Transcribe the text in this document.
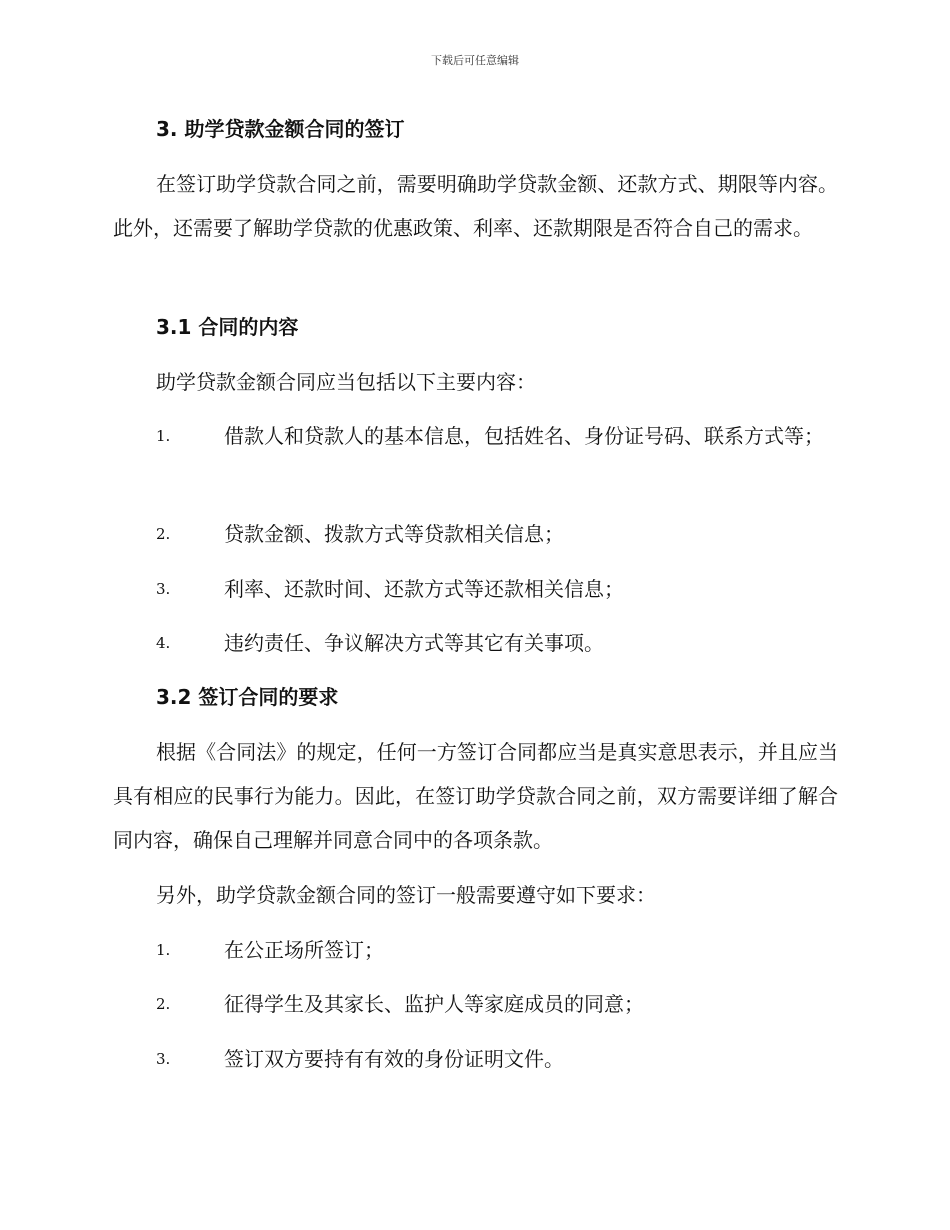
下载后可任意编辑
3. 助学贷款金额合同的签订

在签订助学贷款合同之前，需要明确助学贷款金额、还款方式、期限等内容。此外，还需要了解助学贷款的优惠政策、利率、还款期限是否符合自己的需求。

3.1 合同的内容

助学贷款金额合同应当包括以下主要内容：

1.	借款人和贷款人的基本信息，包括姓名、身份证号码、联系方式等；
2.	贷款金额、拨款方式等贷款相关信息；
3.	利率、还款时间、还款方式等还款相关信息；
4.	违约责任、争议解决方式等其它有关事项。
3.2 签订合同的要求

根据《合同法》的规定，任何一方签订合同都应当是真实意思表示，并且应当具有相应的民事行为能力。因此，在签订助学贷款合同之前，双方需要详细了解合同内容，确保自己理解并同意合同中的各项条款。

另外，助学贷款金额合同的签订一般需要遵守如下要求：

1.	在公正场所签订；
2.	征得学生及其家长、监护人等家庭成员的同意；
3.	签订双方要持有有效的身份证明文件。
